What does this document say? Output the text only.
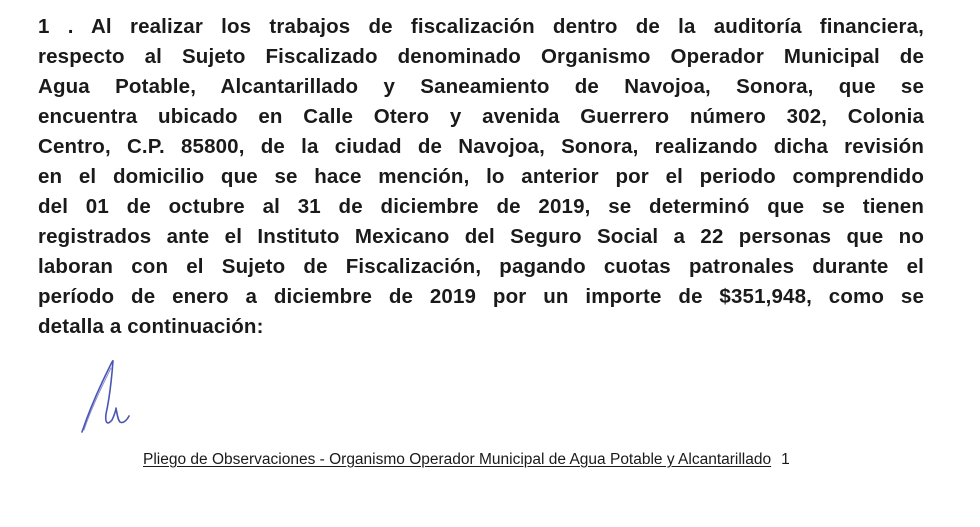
1 . Al realizar los trabajos de fiscalización dentro de la auditoría financiera,
respecto al Sujeto Fiscalizado denominado Organismo Operador Municipal de
Agua Potable, Alcantarillado y Saneamiento de Navojoa, Sonora, que se
encuentra ubicado en Calle Otero y avenida Guerrero número 302, Colonia
Centro, C.P. 85800, de la ciudad de Navojoa, Sonora, realizando dicha revisión
en el domicilio que se hace mención, lo anterior por el periodo comprendido
del 01 de octubre al 31 de diciembre de 2019, se determinó que se tienen
registrados ante el Instituto Mexicano del Seguro Social a 22 personas que no
laboran con el Sujeto de Fiscalización, pagando cuotas patronales durante el
período de enero a diciembre de 2019 por un importe de $351,948, como se
detalla a continuación:
Pliego de Observaciones - Organismo Operador Municipal de Agua Potable y Alcantarillado 1
